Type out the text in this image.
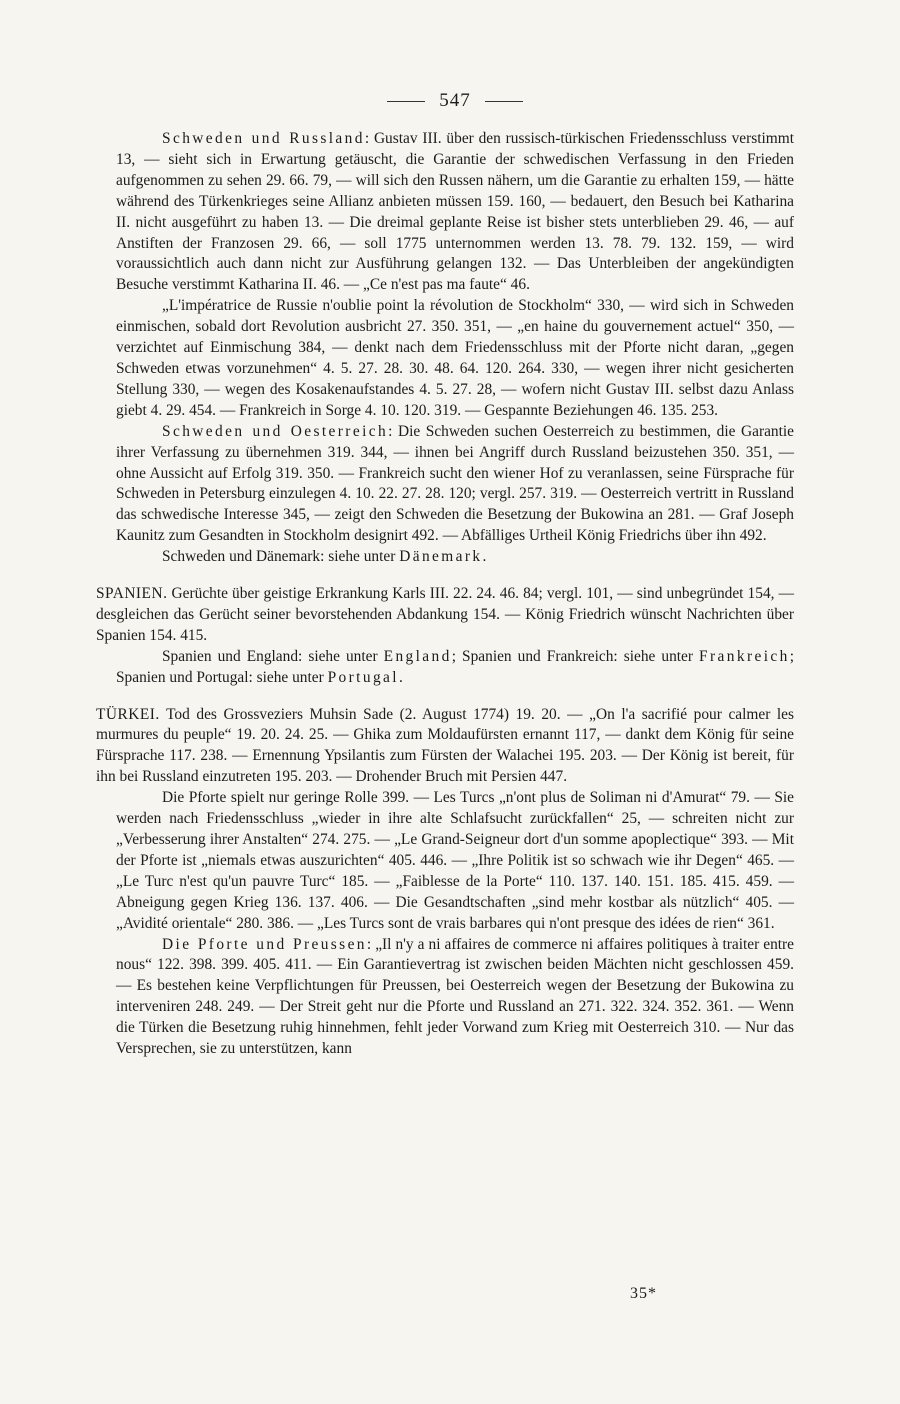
547

Schweden und Russland: Gustav III. über den russisch-türkischen Friedensschluss verstimmt 13, — sieht sich in Erwartung getäuscht, die Garantie der schwedischen Verfassung in den Frieden aufgenommen zu sehen 29. 66. 79, — will sich den Russen nähern, um die Garantie zu erhalten 159, — hätte während des Türkenkrieges seine Allianz anbieten müssen 159. 160, — bedauert, den Besuch bei Katharina II. nicht ausgeführt zu haben 13. — Die dreimal geplante Reise ist bisher stets unterblieben 29. 46, — auf Anstiften der Franzosen 29. 66, — soll 1775 unternommen werden 13. 78. 79. 132. 159, — wird voraussichtlich auch dann nicht zur Ausführung gelangen 132. — Das Unterbleiben der angekündigten Besuche verstimmt Katharina II. 46. — „Ce n'est pas ma faute“ 46.

„L'impératrice de Russie n'oublie point la révolution de Stockholm“ 330, — wird sich in Schweden einmischen, sobald dort Revolution ausbricht 27. 350. 351, — „en haine du gouvernement actuel“ 350, — verzichtet auf Einmischung 384, — denkt nach dem Friedensschluss mit der Pforte nicht daran, „gegen Schweden etwas vorzunehmen“ 4. 5. 27. 28. 30. 48. 64. 120. 264. 330, — wegen ihrer nicht gesicherten Stellung 330, — wegen des Kosakenaufstandes 4. 5. 27. 28, — wofern nicht Gustav III. selbst dazu Anlass giebt 4. 29. 454. — Frankreich in Sorge 4. 10. 120. 319. — Gespannte Beziehungen 46. 135. 253.

Schweden und Oesterreich: Die Schweden suchen Oesterreich zu bestimmen, die Garantie ihrer Verfassung zu übernehmen 319. 344, — ihnen bei Angriff durch Russland beizustehen 350. 351, — ohne Aussicht auf Erfolg 319. 350. — Frankreich sucht den wiener Hof zu veranlassen, seine Fürsprache für Schweden in Petersburg einzulegen 4. 10. 22. 27. 28. 120; vergl. 257. 319. — Oesterreich vertritt in Russland das schwedische Interesse 345, — zeigt den Schweden die Besetzung der Bukowina an 281. — Graf Joseph Kaunitz zum Gesandten in Stockholm designirt 492. — Abfälliges Urtheil König Friedrichs über ihn 492.

Schweden und Dänemark: siehe unter Dänemark.

SPANIEN. Gerüchte über geistige Erkrankung Karls III. 22. 24. 46. 84; vergl. 101, — sind unbegründet 154, — desgleichen das Gerücht seiner bevorstehenden Abdankung 154. — König Friedrich wünscht Nachrichten über Spanien 154. 415.

Spanien und England: siehe unter England; Spanien und Frankreich: siehe unter Frankreich; Spanien und Portugal: siehe unter Portugal.

TÜRKEI. Tod des Grossveziers Muhsin Sade (2. August 1774) 19. 20. — „On l'a sacrifié pour calmer les murmures du peuple“ 19. 20. 24. 25. — Ghika zum Moldaufürsten ernannt 117, — dankt dem König für seine Fürsprache 117. 238. — Ernennung Ypsilantis zum Fürsten der Walachei 195. 203. — Der König ist bereit, für ihn bei Russland einzutreten 195. 203. — Drohender Bruch mit Persien 447.

Die Pforte spielt nur geringe Rolle 399. — Les Turcs „n'ont plus de Soliman ni d'Amurat“ 79. — Sie werden nach Friedensschluss „wieder in ihre alte Schlafsucht zurückfallen“ 25, — schreiten nicht zur „Verbesserung ihrer Anstalten“ 274. 275. — „Le Grand-Seigneur dort d'un somme apoplectique“ 393. — Mit der Pforte ist „niemals etwas auszurichten“ 405. 446. — „Ihre Politik ist so schwach wie ihr Degen“ 465. — „Le Turc n'est qu'un pauvre Turc“ 185. — „Faiblesse de la Porte“ 110. 137. 140. 151. 185. 415. 459. — Abneigung gegen Krieg 136. 137. 406. — Die Gesandtschaften „sind mehr kostbar als nützlich“ 405. — „Avidité orientale“ 280. 386. — „Les Turcs sont de vrais barbares qui n'ont presque des idées de rien“ 361.

Die Pforte und Preussen: „Il n'y a ni affaires de commerce ni affaires politiques à traiter entre nous“ 122. 398. 399. 405. 411. — Ein Garantievertrag ist zwischen beiden Mächten nicht geschlossen 459. — Es bestehen keine Verpflichtungen für Preussen, bei Oesterreich wegen der Besetzung der Bukowina zu interveniren 248. 249. — Der Streit geht nur die Pforte und Russland an 271. 322. 324. 352. 361. — Wenn die Türken die Besetzung ruhig hinnehmen, fehlt jeder Vorwand zum Krieg mit Oesterreich 310. — Nur das Versprechen, sie zu unterstützen, kann

35*
